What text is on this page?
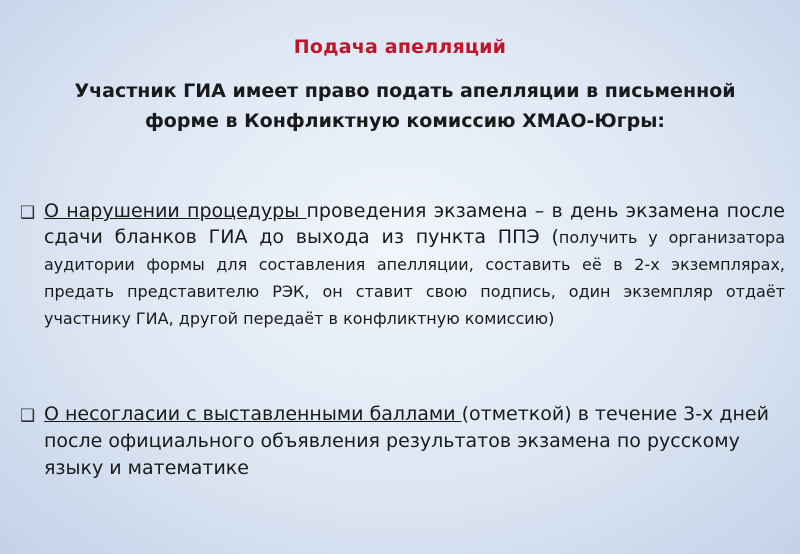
Подача апелляций
Участник ГИА имеет право подать апелляции в письменной форме в Конфликтную комиссию ХМАО-Югры:
❑ О нарушении процедуры проведения экзамена – в день экзамена после сдачи бланков ГИА до выхода из пункта ППЭ (получить у организатора аудитории формы для составления апелляции, составить её в 2-х экземплярах, предать представителю РЭК, он ставит свою подпись, один экземпляр отдаёт участнику ГИА, другой передаёт в конфликтную комиссию)
❑ О несогласии с выставленными баллами (отметкой) в течение 3-х дней после официального объявления результатов экзамена по русскому языку и математике
